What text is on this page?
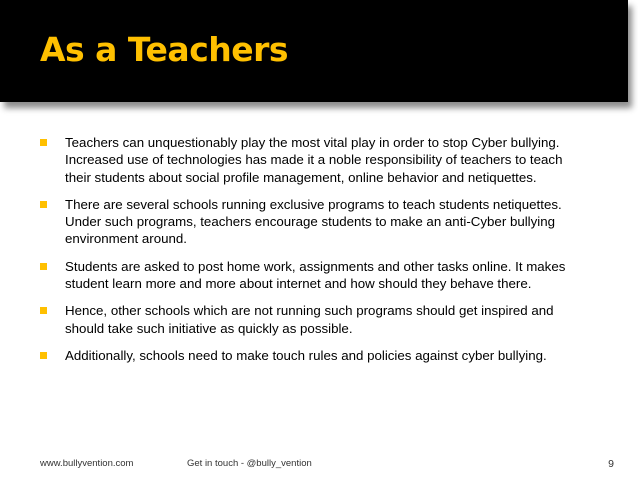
As a Teachers
Teachers can unquestionably play the most vital play in order to stop Cyber bullying. Increased use of technologies has made it a noble responsibility of teachers to teach their students about social profile management, online behavior and netiquettes.
There are several schools running exclusive programs to teach students netiquettes. Under such programs, teachers encourage students to make an anti-Cyber bullying environment around.
Students are asked to post home work, assignments and other tasks online. It makes student learn more and more about internet and how should they behave there.
Hence, other schools which are not running such programs should get inspired and should take such initiative as quickly as possible.
Additionally, schools need to make touch rules and policies against cyber bullying.
www.bullyvention.com	Get in touch - @bully_vention	9
